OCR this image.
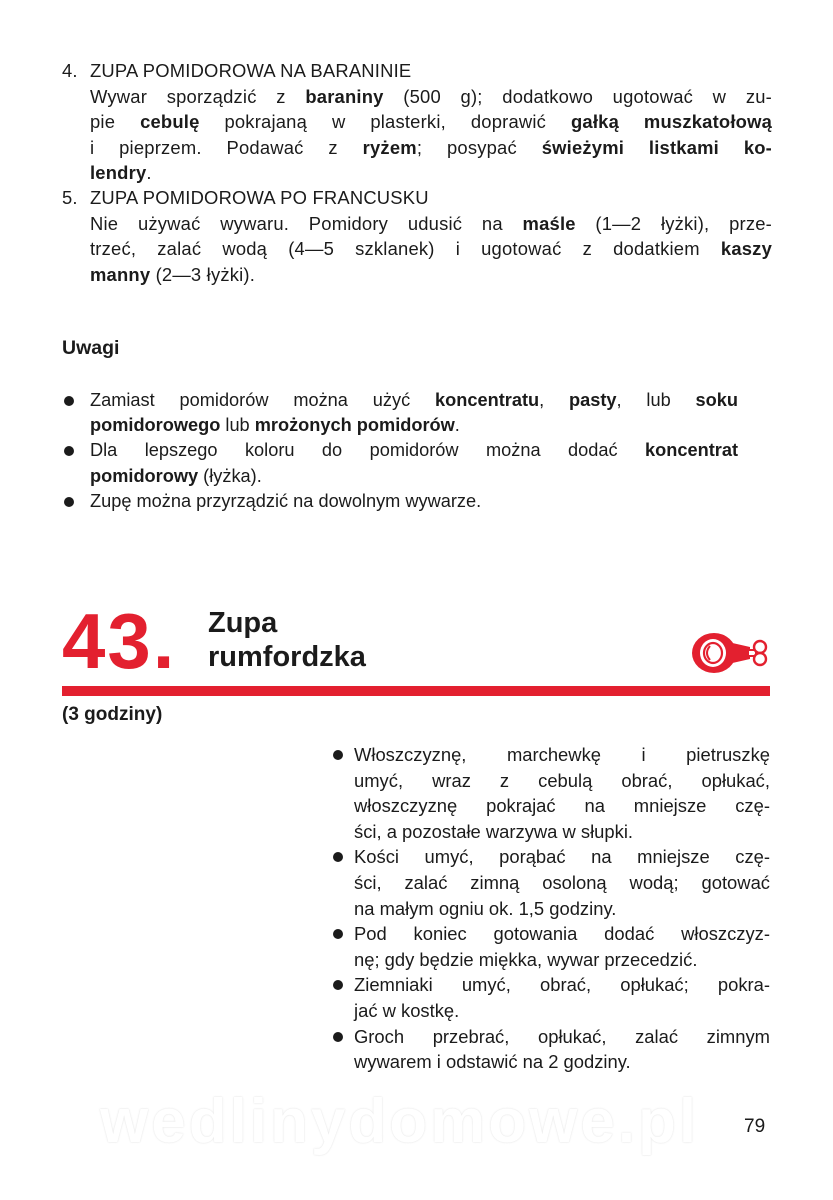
4. ZUPA POMIDOROWA NA BARANINIE
Wywar sporządzić z baraniny (500 g); dodatkowo ugotować w zu-
pie cebulę pokrajaną w plasterki, doprawić gałką muszkatołową
i pieprzem. Podawać z ryżem; posypać świeżymi listkami ko-
lendry.
5. ZUPA POMIDOROWA PO FRANCUSKU
Nie używać wywaru. Pomidory udusić na maśle (1—2 łyżki), prze-
trzeć, zalać wodą (4—5 szklanek) i ugotować z dodatkiem kaszy
manny (2—3 łyżki).
Uwagi
Zamiast pomidorów można użyć koncentratu, pasty, lub soku
pomidorowego lub mrożonych pomidorów.
Dla lepszego koloru do pomidorów można dodać koncentrat
pomidorowy (łyżka).
Zupę można przyrządzić na dowolnym wywarze.
43. Zupa
rumfordzka
(3 godziny)
Włoszczyznę, marchewkę i pietruszkę
umyć, wraz z cebulą obrać, opłukać,
włoszczyznę pokrajać na mniejsze czę-
ści, a pozostałe warzywa w słupki.
Kości umyć, porąbać na mniejsze czę-
ści, zalać zimną osoloną wodą; gotować
na małym ogniu ok. 1,5 godziny.
Pod koniec gotowania dodać włoszczyz-
nę; gdy będzie miękka, wywar przecedzić.
Ziemniaki umyć, obrać, opłukać; pokra-
jać w kostkę.
Groch przebrać, opłukać, zalać zimnym
wywarem i odstawić na 2 godziny.
wedlinydomowe.pl 79
